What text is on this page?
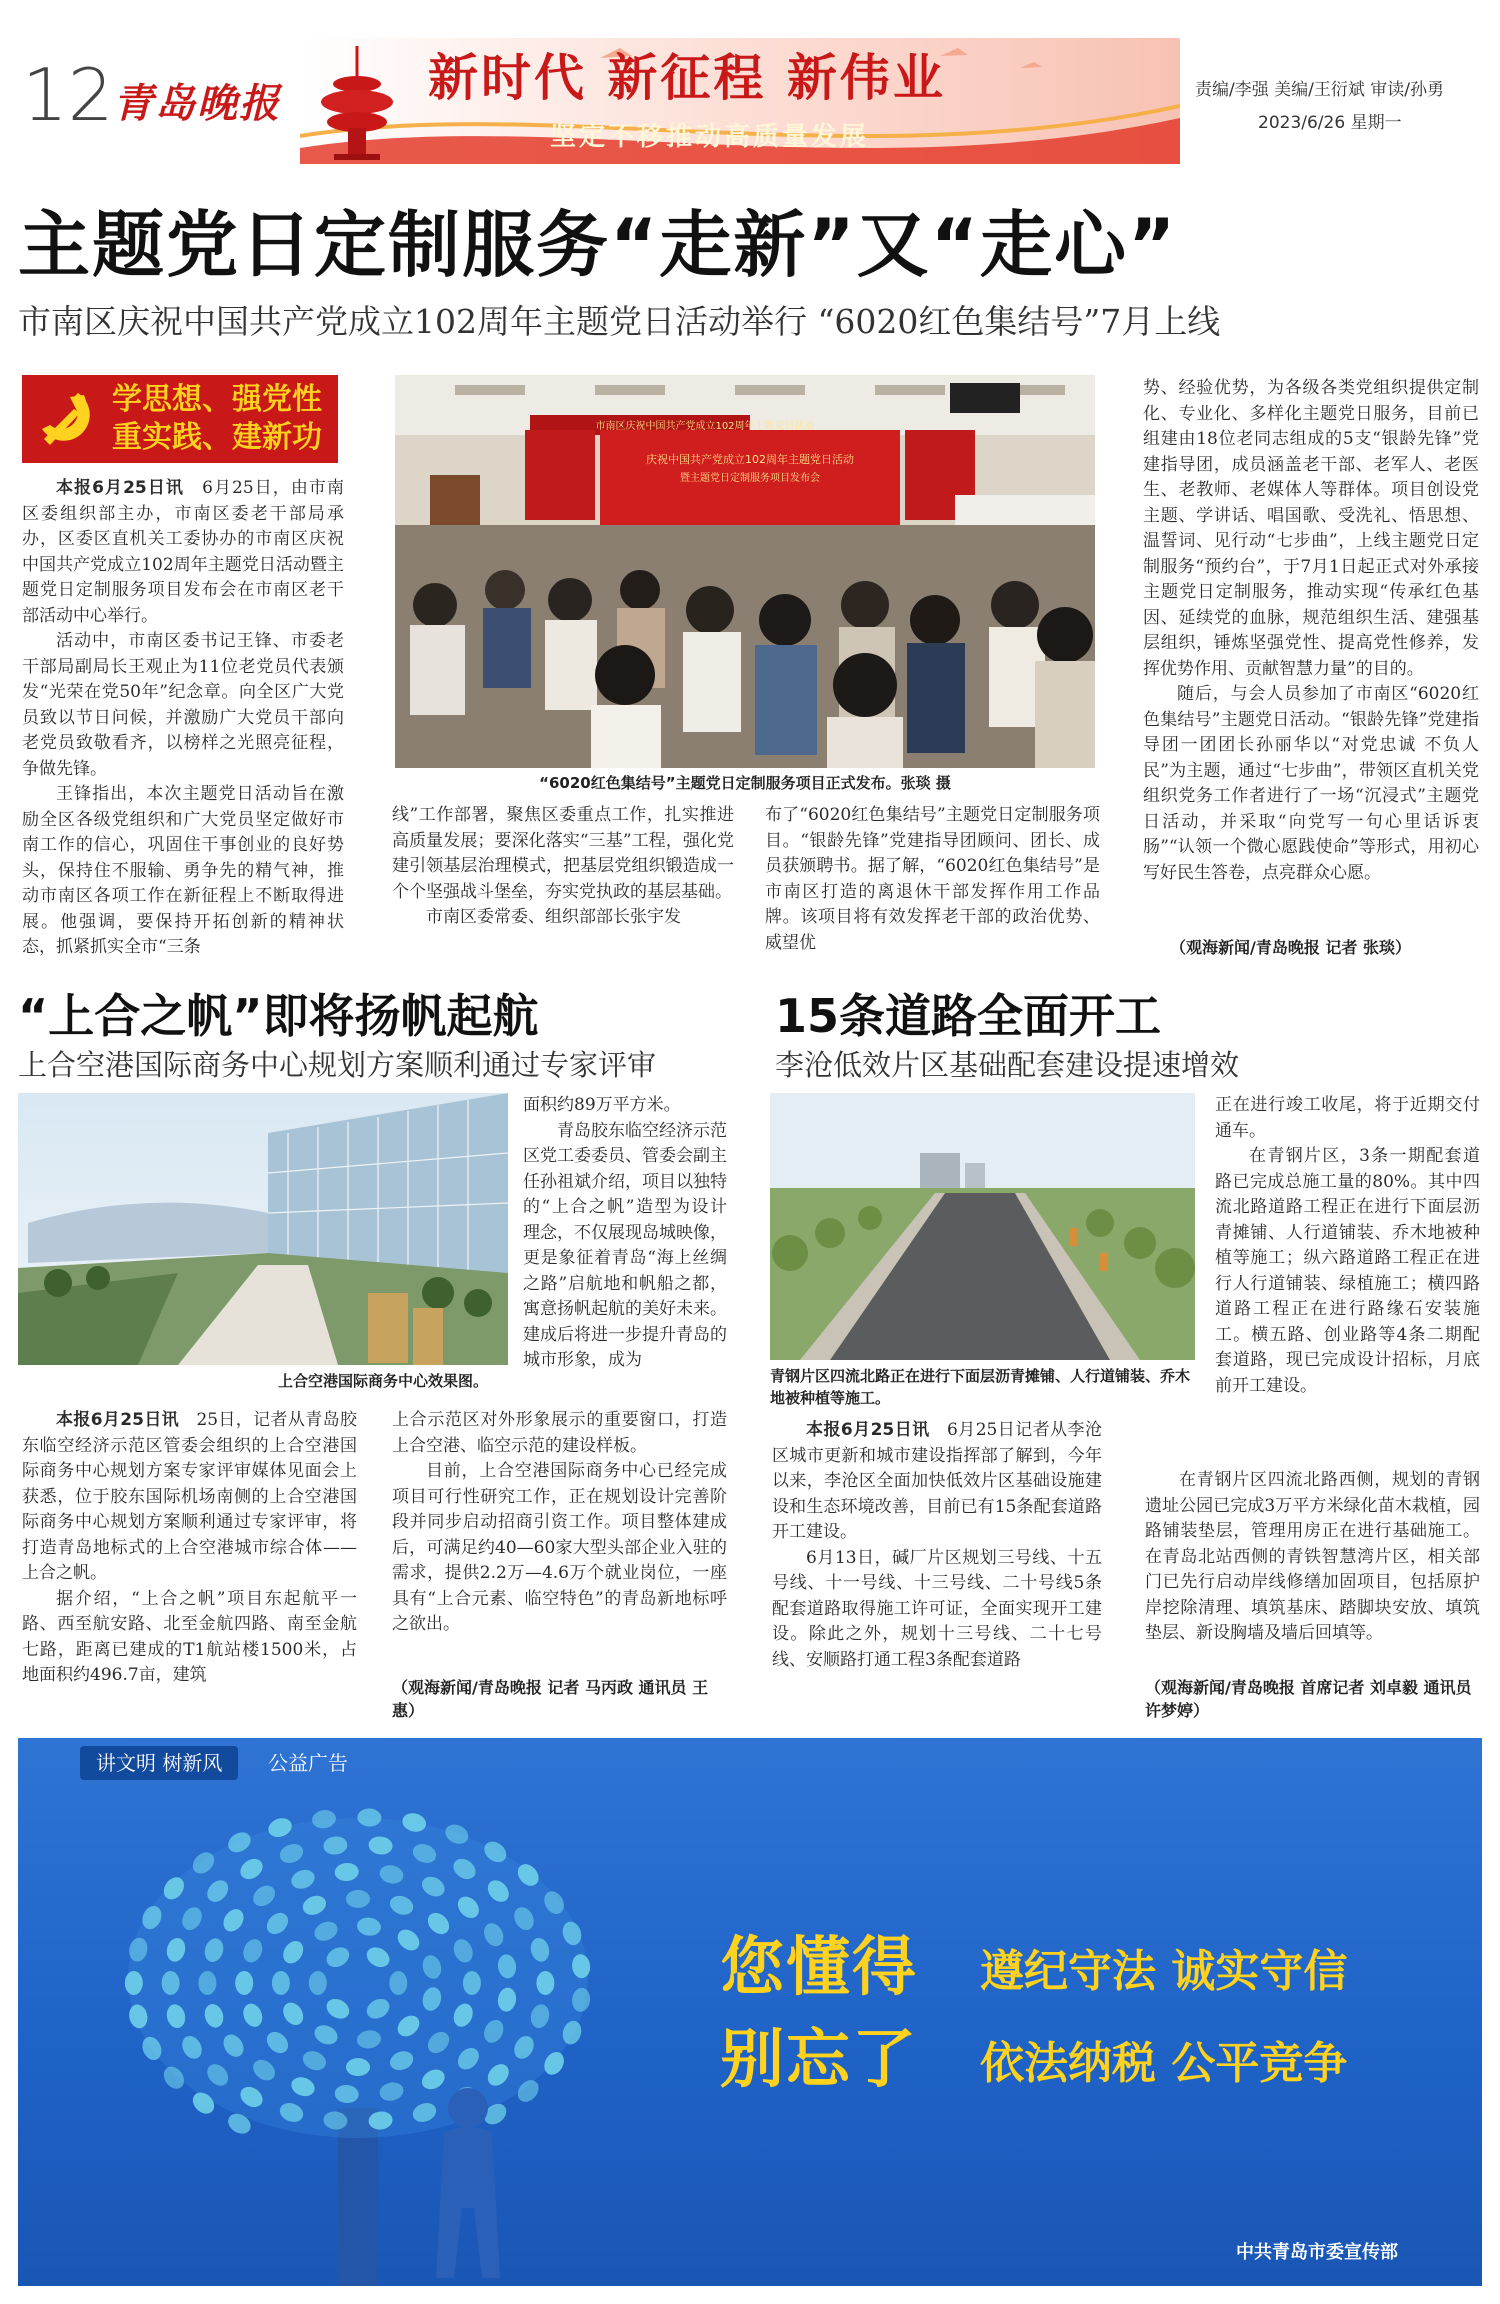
12 青岛晚报	新时代 新征程 新伟业
坚定不移推动高质量发展
责编/李强 美编/王衍斌 审读/孙勇
2023/6/26 星期一
主题党日定制服务“走新”又“走心”
市南区庆祝中国共产党成立102周年主题党日活动举行 “6020红色集结号”7月上线
学思想、强党性
重实践、建新功

本报6月25日讯　 6月25日，由市南区委组织部主办，市南区委老干部局承办，区委区直机关工委协办的市南区庆祝中国共产党成立102周年主题党日活动暨主题党日定制服务项目发布会在市南区老干部活动中心举行。

活动中，市南区委书记王锋、市委老干部局副局长王观止为11位老党员代表颁发“光荣在党50年”纪念章。向全区广大党员致以节日问候，并激励广大党员干部向老党员致敬看齐，以榜样之光照亮征程，争做先锋。

王锋指出，本次主题党日活动旨在激励全区各级党组织和广大党员坚定做好市南工作的信心，巩固住干事创业的良好势头，保持住不服输、勇争先的精气神，推动市南区各项工作在新征程上不断取得进展。他强调，要保持开拓创新的精神状态，抓紧抓实全市“三条

庆祝中国共产党成立102周年主题党日活动
暨主题党日定制服务项目发布会
市南区庆祝中国共产党成立102周年主题党日活动
“6020红色集结号”主题党日定制服务项目正式发布。张琰 摄

线”工作部署，聚焦区委重点工作，扎实推进高质量发展；要深化落实“三基”工程，强化党建引领基层治理模式，把基层党组织锻造成一个个坚强战斗堡垒，夯实党执政的基层基础。

市南区委常委、组织部部长张宇发

布了“6020红色集结号”主题党日定制服务项目。“银龄先锋”党建指导团顾问、团长、成员获颁聘书。据了解，“6020红色集结号”是市南区打造的离退休干部发挥作用工作品牌。该项目将有效发挥老干部的政治优势、威望优

势、经验优势，为各级各类党组织提供定制化、专业化、多样化主题党日服务，目前已组建由18位老同志组成的5支“银龄先锋”党建指导团，成员涵盖老干部、老军人、老医生、老教师、老媒体人等群体。项目创设党主题、学讲话、唱国歌、受洗礼、悟思想、温誓词、见行动“七步曲”，上线主题党日定制服务“预约台”，于7月1日起正式对外承接主题党日定制服务，推动实现“传承红色基因、延续党的血脉，规范组织生活、建强基层组织，锤炼坚强党性、提高党性修养，发挥优势作用、贡献智慧力量”的目的。

随后，与会人员参加了市南区“6020红色集结号”主题党日活动。“银龄先锋”党建指导团一团团长孙丽华以“对党忠诚 不负人民”为主题，通过“七步曲”，带领区直机关党组织党务工作者进行了一场“沉浸式”主题党日活动，并采取“向党写一句心里话诉衷肠”“认领一个微心愿践使命”等形式，用初心写好民生答卷，点亮群众心愿。

（观海新闻/青岛晚报 记者 张琰）
“上合之帆”即将扬帆起航
上合空港国际商务中心规划方案顺利通过专家评审
上合空港国际商务中心效果图。

面积约89万平方米。

青岛胶东临空经济示范区党工委委员、管委会副主任孙祖斌介绍，项目以独特的“上合之帆”造型为设计理念，不仅展现岛城映像，更是象征着青岛“海上丝绸之路”启航地和帆船之都，寓意扬帆起航的美好未来。建成后将进一步提升青岛的城市形象，成为

本报6月25日讯　 25日，记者从青岛胶东临空经济示范区管委会组织的上合空港国际商务中心规划方案专家评审媒体见面会上获悉，位于胶东国际机场南侧的上合空港国际商务中心规划方案顺利通过专家评审，将打造青岛地标式的上合空港城市综合体——上合之帆。

据介绍，“上合之帆”项目东起航平一路、西至航安路、北至金航四路、南至金航七路，距离已建成的T1航站楼1500米，占地面积约496.7亩，建筑

上合示范区对外形象展示的重要窗口，打造上合空港、临空示范的建设样板。

目前，上合空港国际商务中心已经完成项目可行性研究工作，正在规划设计完善阶段并同步启动招商引资工作。项目整体建成后，可满足约40—60家大型头部企业入驻的需求，提供2.2万—4.6万个就业岗位，一座具有“上合元素、临空特色”的青岛新地标呼之欲出。

（观海新闻/青岛晚报 记者 马丙政 通讯员 王惠）
15条道路全面开工
李沧低效片区基础配套建设提速增效
青钢片区四流北路正在进行下面层沥青摊铺、人行道铺装、乔木地被种植等施工。

正在进行竣工收尾，将于近期交付通车。

在青钢片区，3条一期配套道路已完成总施工量的80%。其中四流北路道路工程正在进行下面层沥青摊铺、人行道铺装、乔木地被种植等施工；纵六路道路工程正在进行人行道铺装、绿植施工；横四路道路工程正在进行路缘石安装施工。横五路、创业路等4条二期配套道路，现已完成设计招标，月底前开工建设。

本报6月25日讯　 6月25日记者从李沧区城市更新和城市建设指挥部了解到，今年以来，李沧区全面加快低效片区基础设施建设和生态环境改善，目前已有15条配套道路开工建设。

6月13日，碱厂片区规划三号线、十五号线、十一号线、十三号线、二十号线5条配套道路取得施工许可证，全面实现开工建设。除此之外，规划十三号线、二十七号线、安顺路打通工程3条配套道路

在青钢片区四流北路西侧，规划的青钢遗址公园已完成3万平方米绿化苗木栽植，园路铺装垫层，管理用房正在进行基础施工。在青岛北站西侧的青铁智慧湾片区，相关部门已先行启动岸线修缮加固项目，包括原护岸挖除清理、填筑基床、踏脚块安放、填筑垫层、新设胸墙及墙后回填等。

（观海新闻/青岛晚报 首席记者 刘卓毅 通讯员 许梦婷）
讲文明 树新风	公益广告
您懂得 遵纪守法 诚实守信
别忘了 依法纳税 公平竞争
中共青岛市委宣传部
